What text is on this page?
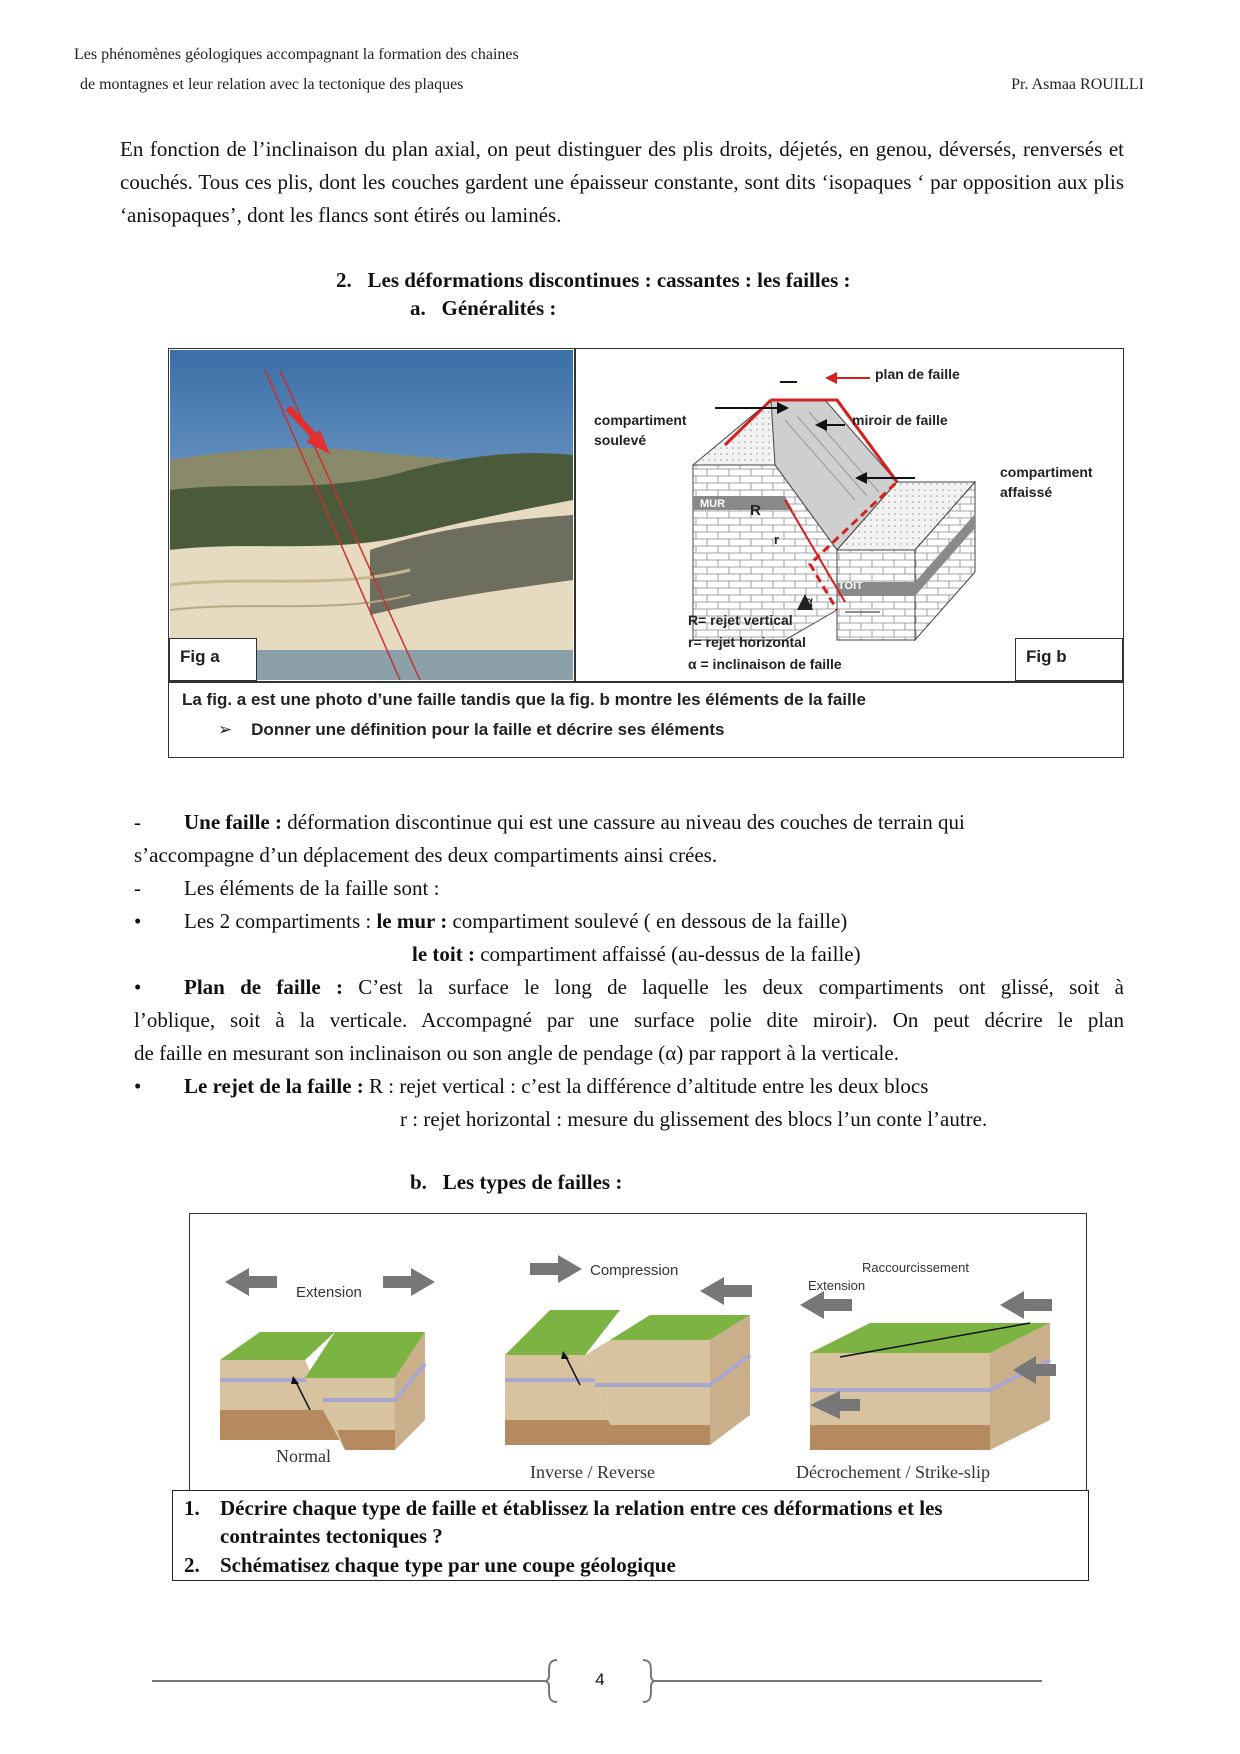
Les phénomènes géologiques accompagnant la formation des chaines
de montagnes et leur relation avec la tectonique des plaques	Pr. Asmaa ROUILLI
En fonction de l’inclinaison du plan axial, on peut distinguer des plis droits, déjetés, en genou, déversés, renversés et couchés. Tous ces plis, dont les couches gardent une épaisseur constante, sont dits ‘isopaques ‘ par opposition aux plis ‘anisopaques’, dont les flancs sont étirés ou laminés.
2. Les déformations discontinues : cassantes : les failles :
a. Généralités :
Fig a	Fig b
plan de faille
miroir de faille
compartiment
soulevé
compartiment
affaissé
MUR
TOIT
R
r
α
R= rejet vertical
r= rejet horizontal
α = inclinaison de faille
La fig. a est une photo d’une faille tandis que la fig. b montre les éléments de la faille
➢ Donner une définition pour la faille et décrire ses éléments
- Une faille : déformation discontinue qui est une cassure au niveau des couches de terrain qui
s’accompagne d’un déplacement des deux compartiments ainsi crées.
- Les éléments de la faille sont :
• Les 2 compartiments : le mur : compartiment soulevé ( en dessous de la faille)
le toit : compartiment affaissé (au-dessus de la faille)
• Plan de faille : C’est la surface le long de laquelle les deux compartiments ont glissé, soit à
l’oblique, soit à la verticale. Accompagné par une surface polie dite miroir). On peut décrire le plan
de faille en mesurant son inclinaison ou son angle de pendage (α) par rapport à la verticale.
• Le rejet de la faille : R : rejet vertical : c’est la différence d’altitude entre les deux blocs
r : rejet horizontal : mesure du glissement des blocs l’un conte l’autre.
b. Les types de failles :
Extension
Normal
Compression
Inverse / Reverse
Raccourcissement
Extension
Décrochement / Strike-slip
1. Décrire chaque type de faille et établissez la relation entre ces déformations et les
contraintes tectoniques ?
2. Schématisez chaque type par une coupe géologique
4
